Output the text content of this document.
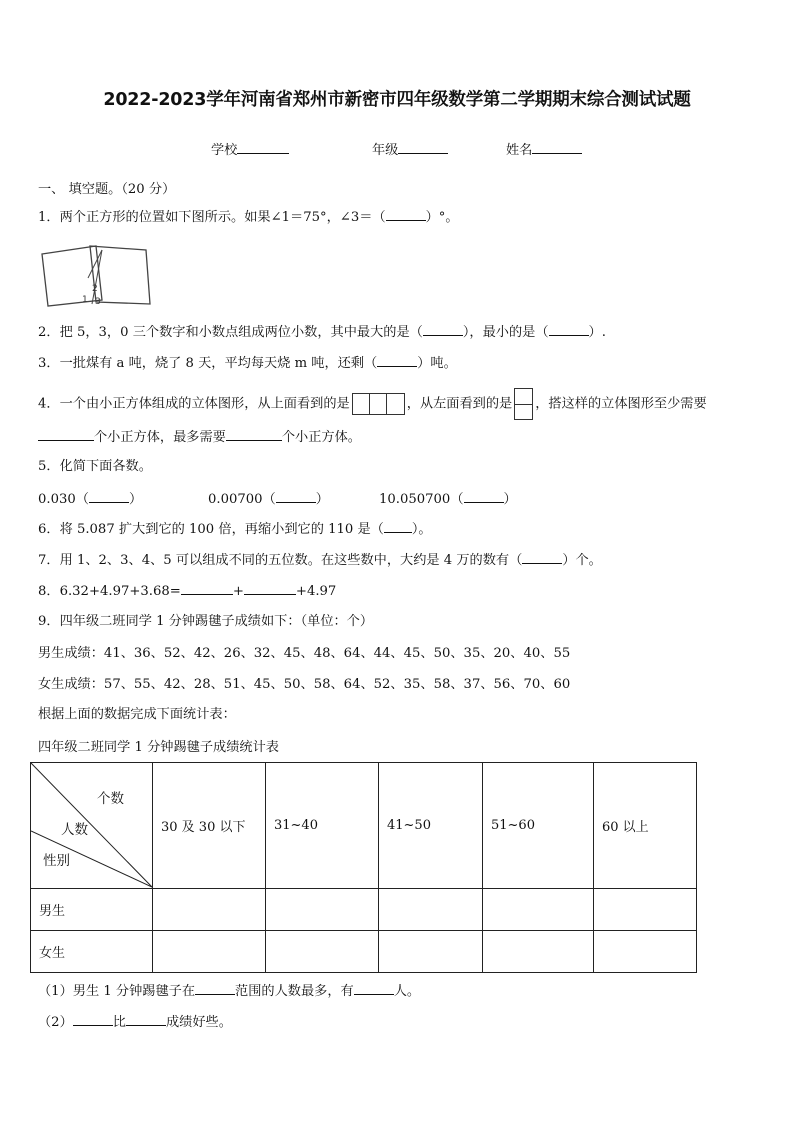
2022-2023学年河南省郑州市新密市四年级数学第二学期期末综合测试试题
学校	年级	姓名
一、 填空题。（20 分）
1．两个正方形的位置如下图所示。如果∠1＝75°，∠3＝（	）°。
1
2
3
2．把 5，3，0 三个数字和小数点组成两位小数，其中最大的是（	），最小的是（	）.
3．一批煤有 a 吨，烧了 8 天，平均每天烧 m 吨，还剩（	）吨。
4．一个由小正方体组成的立体图形，从上面看到的是	，从左面看到的是 ，搭这样的立体图形至少需要
个小正方体，最多需要	个小正方体。
5．化简下面各数。
0.030（	）	0.00700（	）	10.050700（	）
6．将 5.087 扩大到它的 100 倍，再缩小到它的 110 是（ ）。
7．用 1、2、3、4、5 可以组成不同的五位数。在这些数中，大约是 4 万的数有（	）个。
8．6.32+4.97+3.68=	+	+4.97
9．四年级二班同学 1 分钟踢毽子成绩如下：（单位：个）
男生成绩：41、36、52、42、26、32、45、48、64、44、45、50、35、20、40、55
女生成绩：57、55、42、28、51、45、50、58、64、52、35、58、37、56、70、60
根据上面的数据完成下面统计表：
四年级二班同学 1 分钟踢毽子成绩统计表
个数
人数
性别	30 及 30 以下	31~40	41~50	51~60	60 以上
男生					
女生					
（1）男生 1 分钟踢毽子在	范围的人数最多，有	人。
（2）	比	成绩好些。
